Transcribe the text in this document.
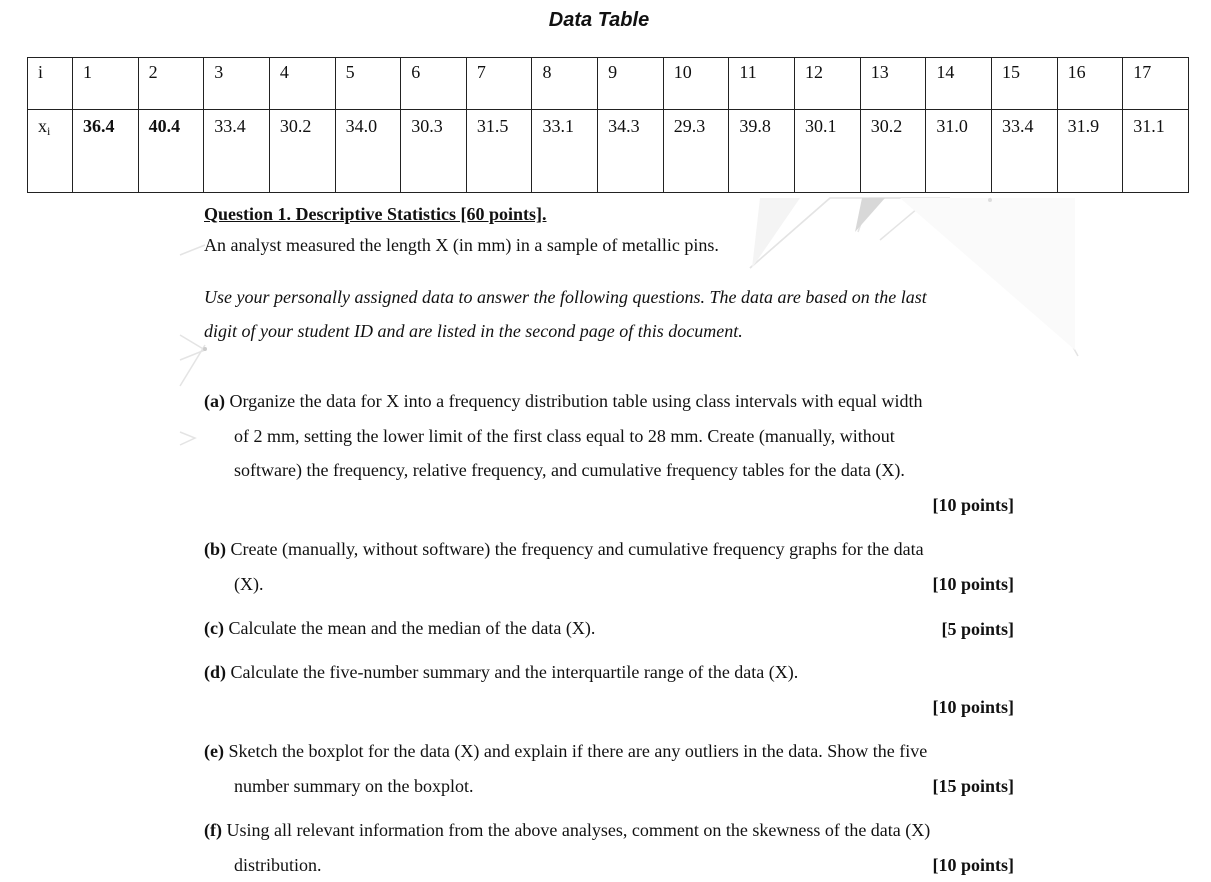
Data Table
i	1	2	3	4	5	6	7	8	9	10	11	12	13	14	15	16	17
xi	36.4	40.4	33.4	30.2	34.0	30.3	31.5	33.1	34.3	29.3	39.8	30.1	30.2	31.0	33.4	31.9	31.1
Question 1. Descriptive Statistics [60 points].
An analyst measured the length X (in mm) in a sample of metallic pins.
Use your personally assigned data to answer the following questions. The data are based on the last
digit of your student ID and are listed in the second page of this document.
(a) Organize the data for X into a frequency distribution table using class intervals with equal width
of 2 mm, setting the lower limit of the first class equal to 28 mm. Create (manually, without
software) the frequency, relative frequency, and cumulative frequency tables for the data (X).
[10 points]
(b) Create (manually, without software) the frequency and cumulative frequency graphs for the data
(X).	[10 points]
(c) Calculate the mean and the median of the data (X).	[5 points]
(d) Calculate the five-number summary and the interquartile range of the data (X).
[10 points]
(e) Sketch the boxplot for the data (X) and explain if there are any outliers in the data. Show the five
number summary on the boxplot.	[15 points]
(f) Using all relevant information from the above analyses, comment on the skewness of the data (X)
distribution.	[10 points]
